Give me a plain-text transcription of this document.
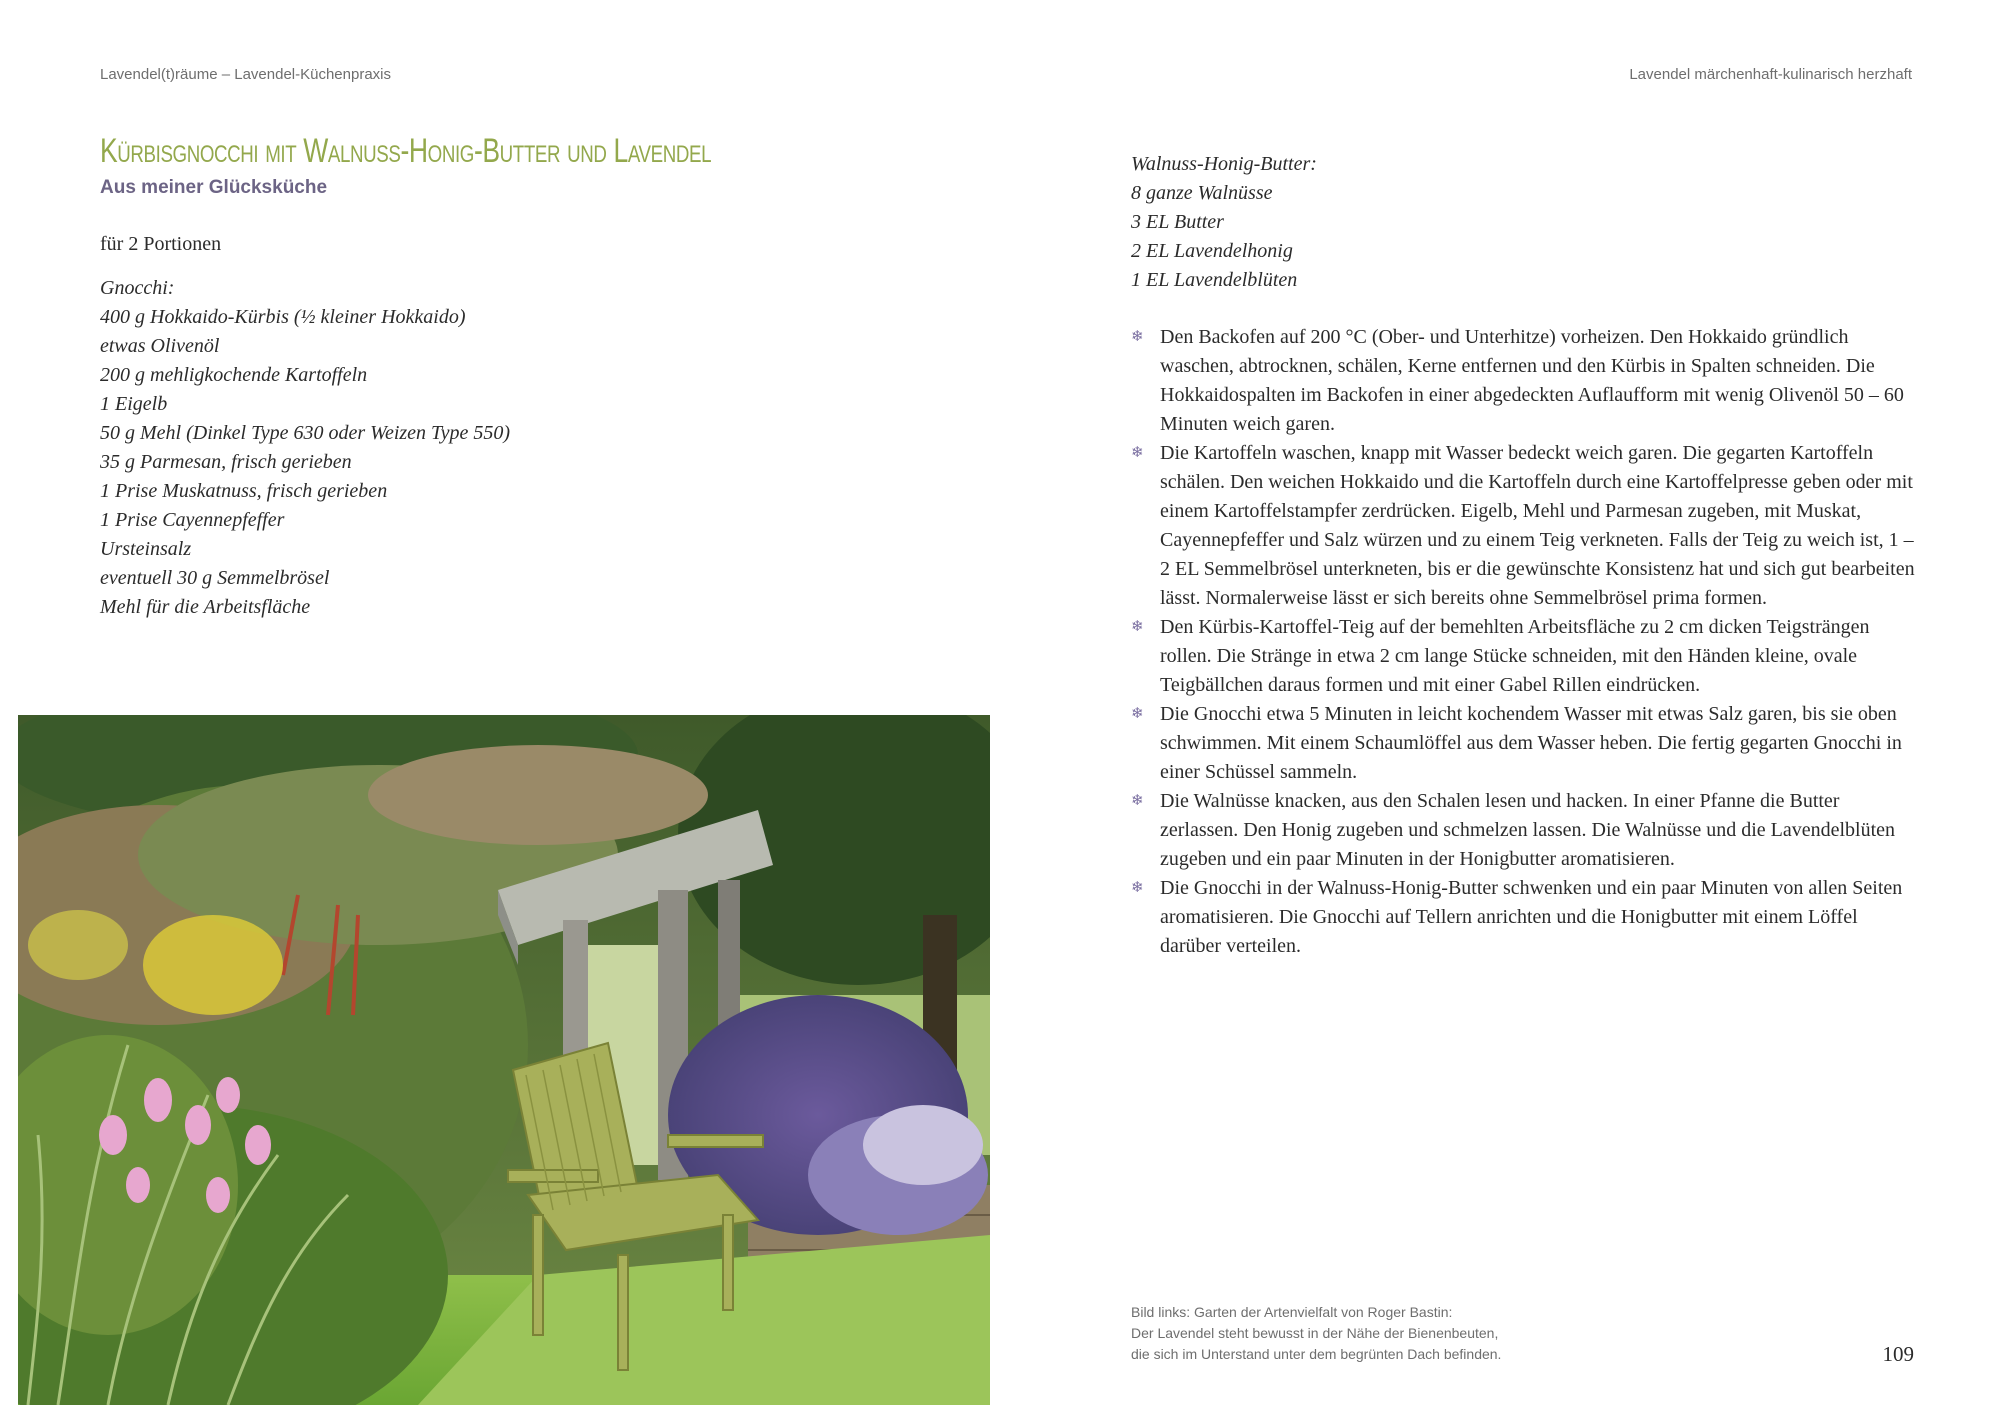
Lavendel(t)räume – Lavendel-Küchenpraxis	Lavendel märchenhaft-kulinarisch herzhaft
Kürbisgnocchi mit Walnuss-Honig-Butter und Lavendel
Aus meiner Glücksküche
für 2 Portionen
Gnocchi:
400 g Hokkaido-Kürbis (½ kleiner Hokkaido)
etwas Olivenöl
200 g mehligkochende Kartoffeln
1 Eigelb
50 g Mehl (Dinkel Type 630 oder Weizen Type 550)
35 g Parmesan, frisch gerieben
1 Prise Muskatnuss, frisch gerieben
1 Prise Cayennepfeffer
Ursteinsalz
eventuell 30 g Semmelbrösel
Mehl für die Arbeitsfläche
Walnuss-Honig-Butter:
8 ganze Walnüsse
3 EL Butter
2 EL Lavendelhonig
1 EL Lavendelblüten
❄ Den Backofen auf 200 °C (Ober- und Unterhitze) vorheizen. Den Hokkaido gründlich waschen, abtrocknen, schälen, Kerne entfernen und den Kürbis in Spalten schneiden. Die Hokkaidospalten im Backofen in einer abgedeckten Auflaufform mit wenig Olivenöl 50 – 60 Minuten weich garen.
❄ Die Kartoffeln waschen, knapp mit Wasser bedeckt weich garen. Die gegarten Kartoffeln schälen. Den weichen Hokkaido und die Kartoffeln durch eine Kartoffelpresse geben oder mit einem Kartoffelstampfer zerdrücken. Eigelb, Mehl und Parmesan zugeben, mit Muskat, Cayennepfeffer und Salz würzen und zu einem Teig verkneten. Falls der Teig zu weich ist, 1 – 2 EL Semmelbrösel unterkneten, bis er die gewünschte Konsistenz hat und sich gut bearbeiten lässt. Normalerweise lässt er sich bereits ohne Semmelbrösel prima formen.
❄ Den Kürbis-Kartoffel-Teig auf der bemehlten Arbeitsfläche zu 2 cm dicken Teigsträngen rollen. Die Stränge in etwa 2 cm lange Stücke schneiden, mit den Händen kleine, ovale Teigbällchen daraus formen und mit einer Gabel Rillen eindrücken.
❄ Die Gnocchi etwa 5 Minuten in leicht kochendem Wasser mit etwas Salz garen, bis sie oben schwimmen. Mit einem Schaumlöffel aus dem Wasser heben. Die fertig gegarten Gnocchi in einer Schüssel sammeln.
❄ Die Walnüsse knacken, aus den Schalen lesen und hacken. In einer Pfanne die Butter zerlassen. Den Honig zugeben und schmelzen lassen. Die Walnüsse und die Lavendelblüten zugeben und ein paar Minuten in der Honigbutter aromatisieren.
❄ Die Gnocchi in der Walnuss-Honig-Butter schwenken und ein paar Minuten von allen Seiten aromatisieren. Die Gnocchi auf Tellern anrichten und die Honigbutter mit einem Löffel darüber verteilen.
Bild links: Garten der Artenvielfalt von Roger Bastin:
Der Lavendel steht bewusst in der Nähe der Bienenbeuten,
die sich im Unterstand unter dem begrünten Dach befinden.	109
